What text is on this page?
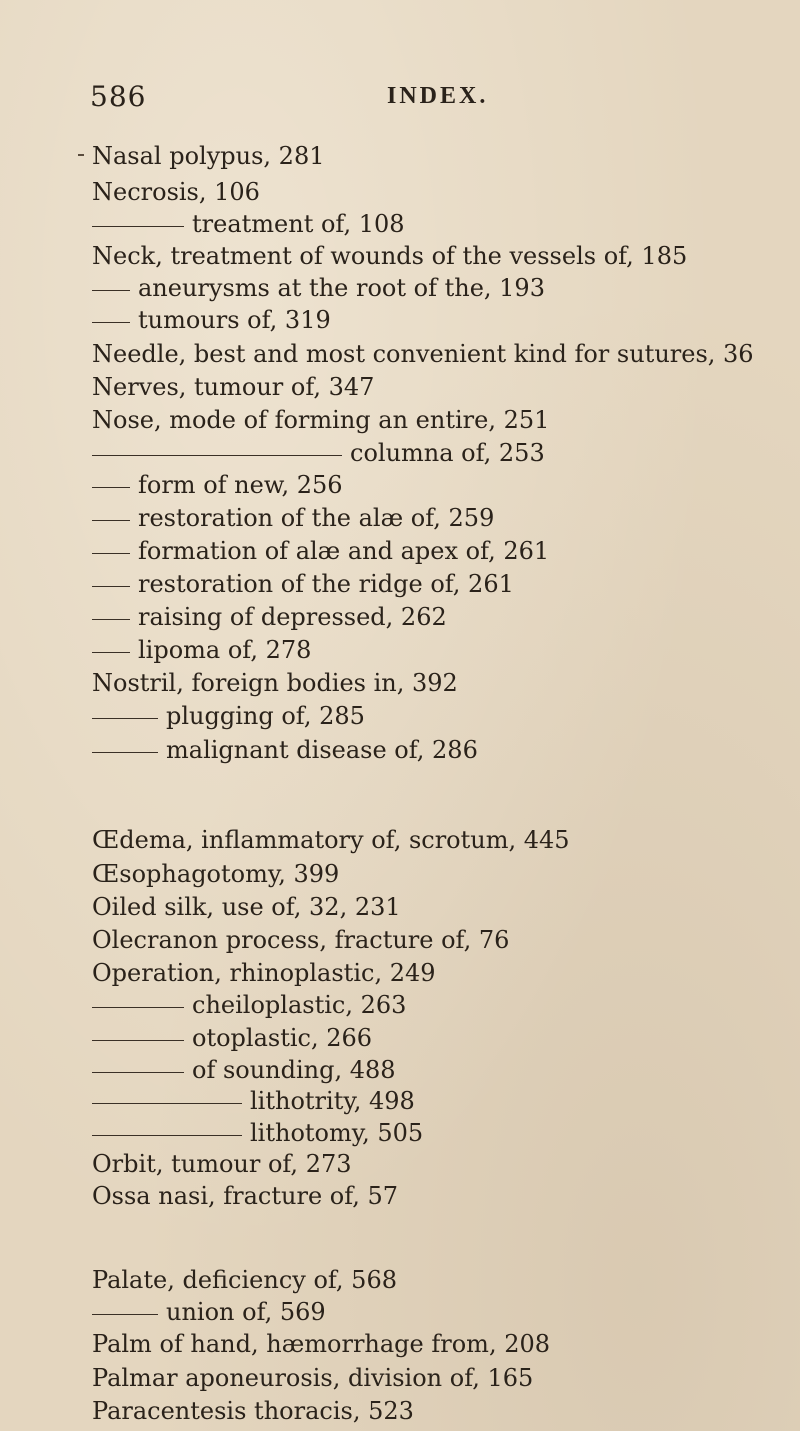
586	INDEX.
Nasal polypus, 281
Necrosis, 106
treatment of, 108
Neck, treatment of wounds of the vessels of, 185
aneurysms at the root of the, 193
tumours of, 319
Needle, best and most convenient kind for sutures, 36
Nerves, tumour of, 347
Nose, mode of forming an entire, 251
columna of, 253
form of new, 256
restoration of the alæ of, 259
formation of alæ and apex of, 261
restoration of the ridge of, 261
raising of depressed, 262
lipoma of, 278
Nostril, foreign bodies in, 392
plugging of, 285
malignant disease of, 286
Œdema, inflammatory of, scrotum, 445
Œsophagotomy, 399
Oiled silk, use of, 32, 231
Olecranon process, fracture of, 76
Operation, rhinoplastic, 249
cheiloplastic, 263
otoplastic, 266
of sounding, 488
lithotrity, 498
lithotomy, 505
Orbit, tumour of, 273
Ossa nasi, fracture of, 57
Palate, deficiency of, 568
union of, 569
Palm of hand, hæmorrhage from, 208
Palmar aponeurosis, division of, 165
Paracentesis thoracis, 523
